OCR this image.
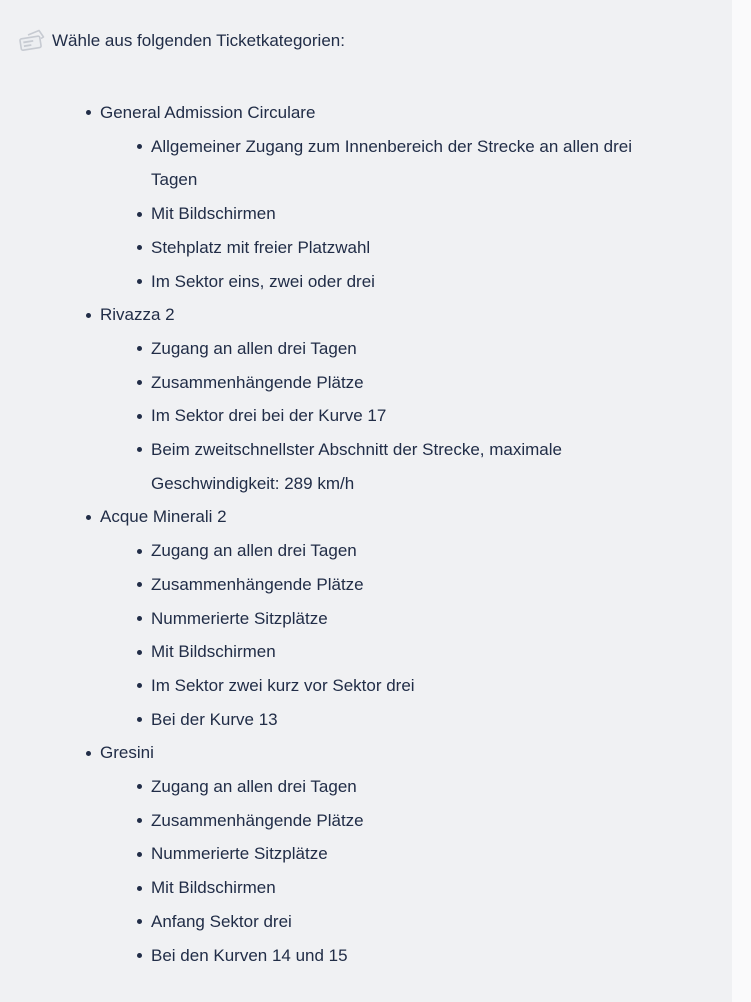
Wähle aus folgenden Ticketkategorien:
General Admission Circulare
Allgemeiner Zugang zum Innenbereich der Strecke an allen drei Tagen
Mit Bildschirmen
Stehplatz mit freier Platzwahl
Im Sektor eins, zwei oder drei
Rivazza 2
Zugang an allen drei Tagen
Zusammenhängende Plätze
Im Sektor drei bei der Kurve 17
Beim zweitschnellster Abschnitt der Strecke, maximale Geschwindigkeit: 289 km/h
Acque Minerali 2
Zugang an allen drei Tagen
Zusammenhängende Plätze
Nummerierte Sitzplätze
Mit Bildschirmen
Im Sektor zwei kurz vor Sektor drei
Bei der Kurve 13
Gresini
Zugang an allen drei Tagen
Zusammenhängende Plätze
Nummerierte Sitzplätze
Mit Bildschirmen
Anfang Sektor drei
Bei den Kurven 14 und 15
